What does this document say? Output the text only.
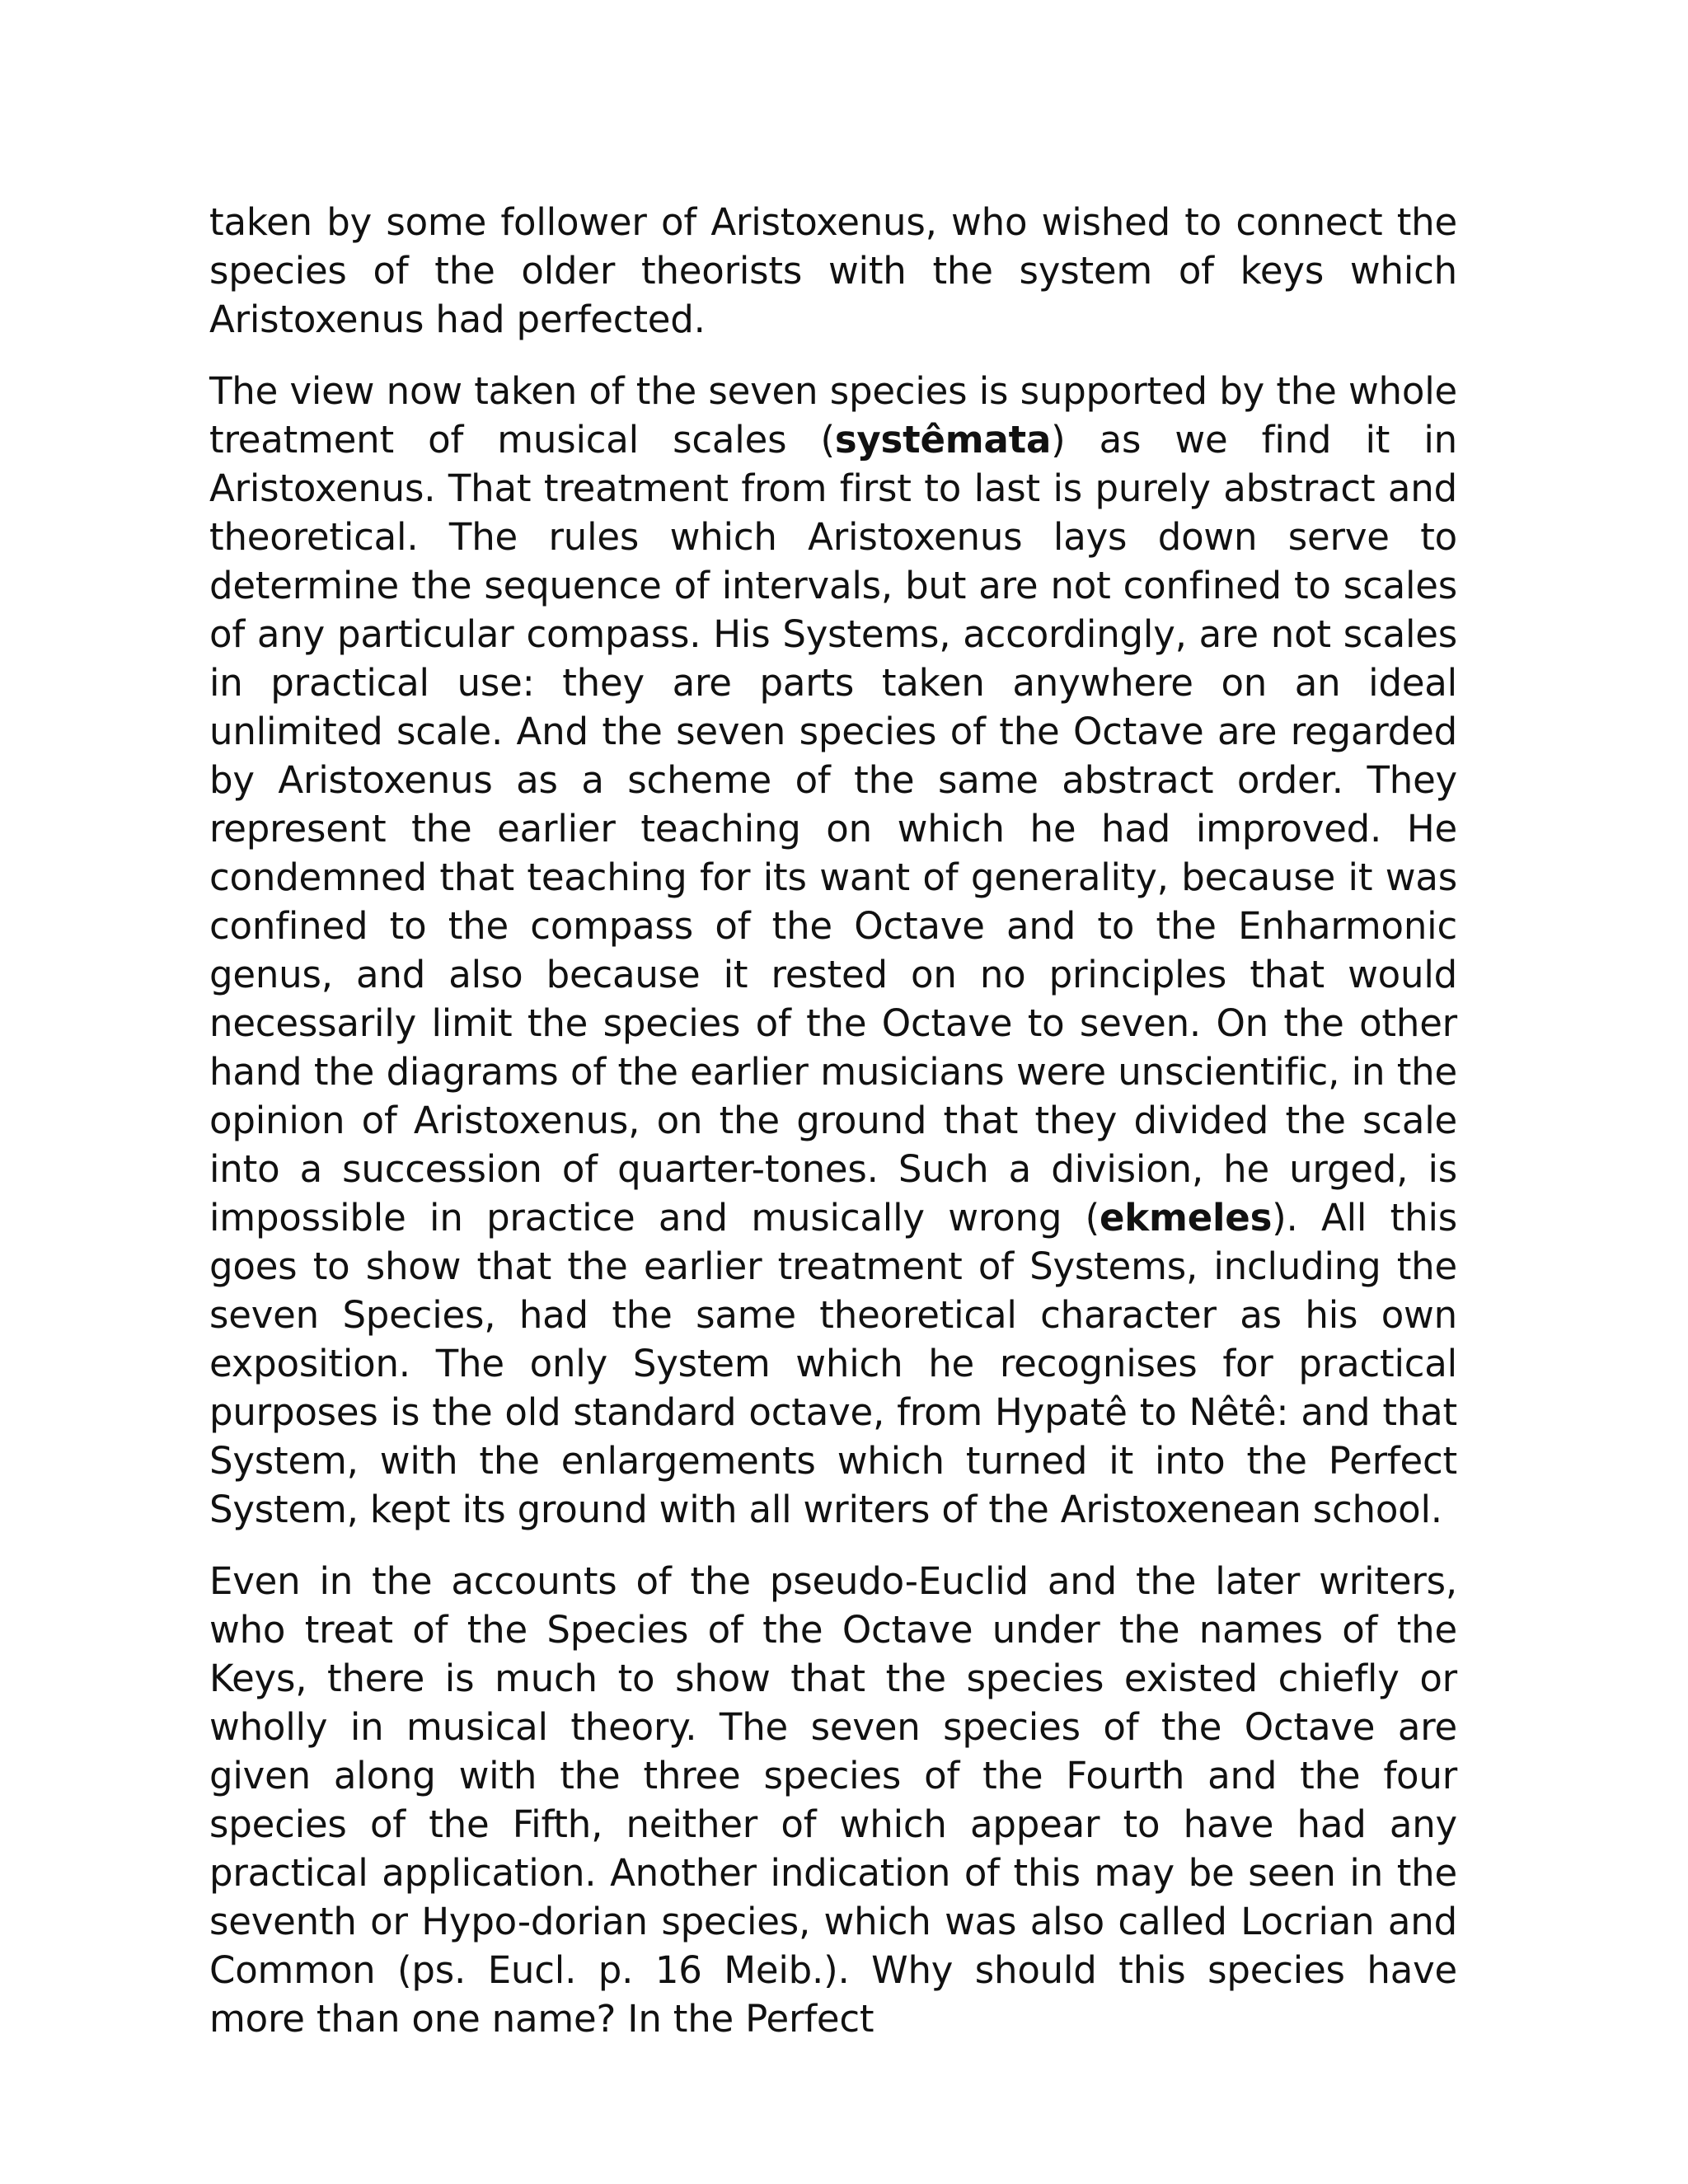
taken by some follower of Aristoxenus, who wished to connect the species of the older theorists with the system of keys which Aristoxenus had perfected.

The view now taken of the seven species is supported by the whole treatment of musical scales (systêmata) as we find it in Aristoxenus. That treatment from first to last is purely abstract and theoretical. The rules which Aristoxenus lays down serve to determine the sequence of intervals, but are not confined to scales of any particular compass. His Systems, accordingly, are not scales in practical use: they are parts taken anywhere on an ideal unlimited scale. And the seven species of the Octave are regarded by Aristoxenus as a scheme of the same abstract order. They represent the earlier teaching on which he had improved. He condemned that teaching for its want of generality, because it was confined to the compass of the Octave and to the Enharmonic genus, and also because it rested on no principles that would necessarily limit the species of the Octave to seven. On the other hand the diagrams of the earlier musicians were unscientific, in the opinion of Aristoxenus, on the ground that they divided the scale into a succession of quarter-tones. Such a division, he urged, is impossible in practice and musically wrong (ekmeles). All this goes to show that the earlier treatment of Systems, including the seven Species, had the same theoretical character as his own exposition. The only System which he recognises for practical purposes is the old standard octave, from Hypatê to Nêtê: and that System, with the enlargements which turned it into the Perfect System, kept its ground with all writers of the Aristoxenean school.

Even in the accounts of the pseudo-Euclid and the later writers, who treat of the Species of the Octave under the names of the Keys, there is much to show that the species existed chiefly or wholly in musical theory. The seven species of the Octave are given along with the three species of the Fourth and the four species of the Fifth, neither of which appear to have had any practical application. Another indication of this may be seen in the seventh or Hypo-dorian species, which was also called Locrian and Common (ps. Eucl. p. 16 Meib.). Why should this species have more than one name? In the Perfect
